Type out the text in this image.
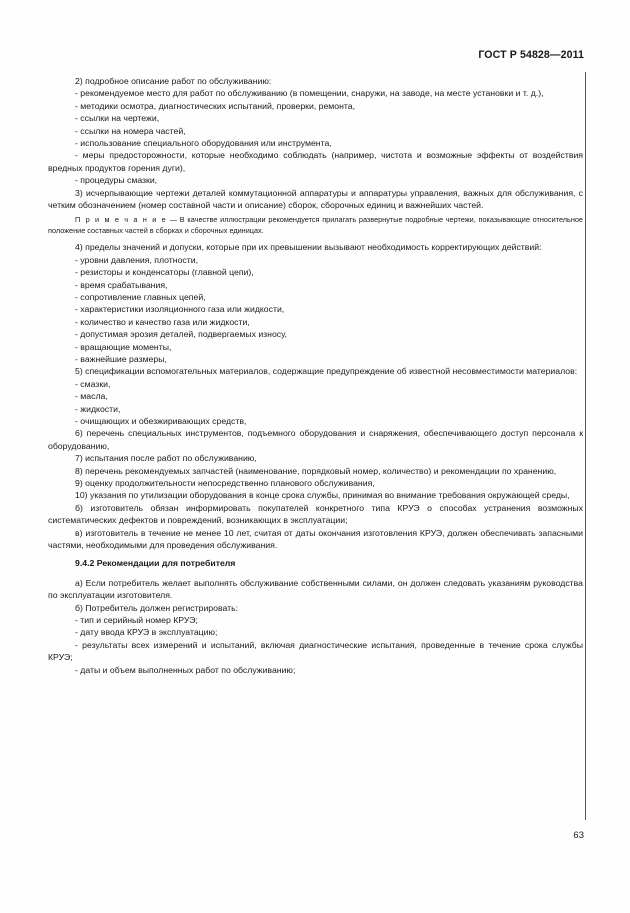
ГОСТ Р 54828—2011

2) подробное описание работ по обслуживанию:

- рекомендуемое место для работ по обслуживанию (в помещении, снаружи, на заводе, на месте установки и т. д.),

- методики осмотра, диагностических испытаний, проверки, ремонта,

- ссылки на чертежи,

- ссылки на номера частей,

- использование специального оборудования или инструмента,

- меры предосторожности, которые необходимо соблюдать (например, чистота и возможные эффекты от воздействия вредных продуктов горения дуги),

- процедуры смазки,

3) исчерпывающие чертежи деталей коммутационной аппаратуры и аппаратуры управления, важных для обслуживания, с четким обозначением (номер составной части и описание) сборок, сборочных единиц и важнейших частей.

П р и м е ч а н и е — В качестве иллюстрации рекомендуется прилагать развернутые подробные чертежи, показывающие относительное положение составных частей в сборках и сборочных единицах.

4) пределы значений и допуски, которые при их превышении вызывают необходимость корректирующих действий:

- уровни давления, плотности,

- резисторы и конденсаторы (главной цепи),

- время срабатывания,

- сопротивление главных цепей,

- характеристики изоляционного газа или жидкости,

- количество и качество газа или жидкости,

- допустимая эрозия деталей, подвергаемых износу,

- вращающие моменты,

- важнейшие размеры,

5) спецификации вспомогательных материалов, содержащие предупреждение об известной несовместимости материалов:

- смазки,

- масла,

- жидкости,

- очищающих и обезжиривающих средств,

6) перечень специальных инструментов, подъемного оборудования и снаряжения, обеспечивающего доступ персонала к оборудованию,

7) испытания после работ по обслуживанию,

8) перечень рекомендуемых запчастей (наименование, порядковый номер, количество) и рекомендации по хранению,

9) оценку продолжительности непосредственно планового обслуживания,

10) указания по утилизации оборудования в конце срока службы, принимая во внимание требования окружающей среды,

б) изготовитель обязан информировать покупателей конкретного типа КРУЭ о способах устранения возможных систематических дефектов и повреждений, возникающих в эксплуатации;

в) изготовитель в течение не менее 10 лет, считая от даты окончания изготовления КРУЭ, должен обеспечивать запасными частями, необходимыми для проведения обслуживания.

9.4.2 Рекомендации для потребителя

а) Если потребитель желает выполнять обслуживание собственными силами, он должен следовать указаниям руководства по эксплуатации изготовителя.

б) Потребитель должен регистрировать:

- тип и серийный номер КРУЭ;

- дату ввода КРУЭ в эксплуатацию;

- результаты всех измерений и испытаний, включая диагностические испытания, проведенные в течение срока службы КРУЭ;

- даты и объем выполненных работ по обслуживанию;

63
